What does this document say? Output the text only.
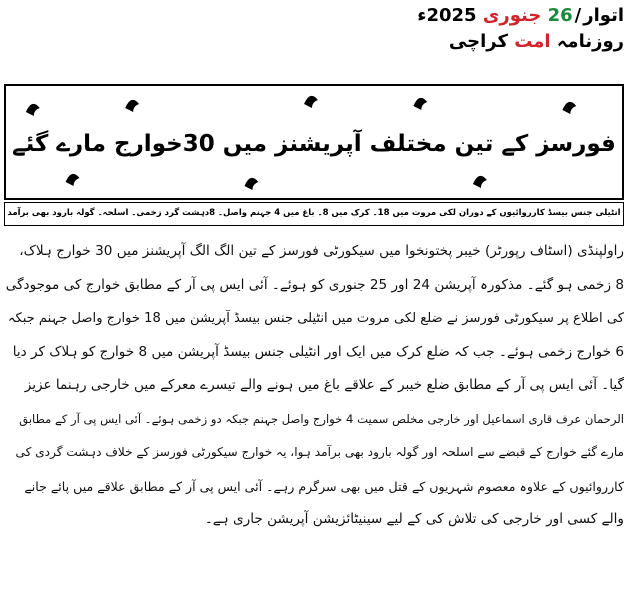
اتوار/26 جنوری 2025ء
روزنامہ امت کراچی
فورسز کے تین مختلف آپریشنز میں 30خوارج مارے گئے
انٹیلی جنس بیسڈ کارروائیوں کے دوران لکی مروت میں 18۔ کرک میں 8۔ باغ میں 4 جہنم واصل۔ 8دہشت گرد زخمی۔ اسلحہ۔ گولہ بارود بھی برآمد
راولپنڈی (اسٹاف رپورٹر) خیبر پختونخوا میں سیکورٹی فورسز کے تین الگ الگ آپریشنز میں 30 خوارج ہلاک،
8 زخمی ہو گئے۔ مذکورہ آپریشن 24 اور 25 جنوری کو ہوئے۔ آئی ایس پی آر کے مطابق خوارج کی موجودگی
کی اطلاع پر سیکورٹی فورسز نے ضلع لکی مروت میں انٹیلی جنس بیسڈ آپریشن میں 18 خوارج واصل جہنم جبکہ
6 خوارج زخمی ہوئے۔ جب کہ ضلع کرک میں ایک اور انٹیلی جنس بیسڈ آپریشن میں 8 خوارج کو ہلاک کر دیا
گیا۔ آئی ایس پی آر کے مطابق ضلع خیبر کے علاقے باغ میں ہونے والے تیسرے معرکے میں خارجی رہنما عزیز
الرحمان عرف قاری اسماعیل اور خارجی مخلص سمیت 4 خوارج واصل جہنم جبکہ دو زخمی ہوئے۔ آئی ایس پی آر کے مطابق
مارے گئے خوارج کے قبضے سے اسلحہ اور گولہ بارود بھی برآمد ہوا، یہ خوارج سیکورٹی فورسز کے خلاف دہشت گردی کی
کارروائیوں کے علاوہ معصوم شہریوں کے قتل میں بھی سرگرم رہے۔ آئی ایس پی آر کے مطابق علاقے میں پائے جانے
والے کسی اور خارجی کی تلاش کی کے لیے سینیٹائزیشن آپریشن جاری ہے۔
